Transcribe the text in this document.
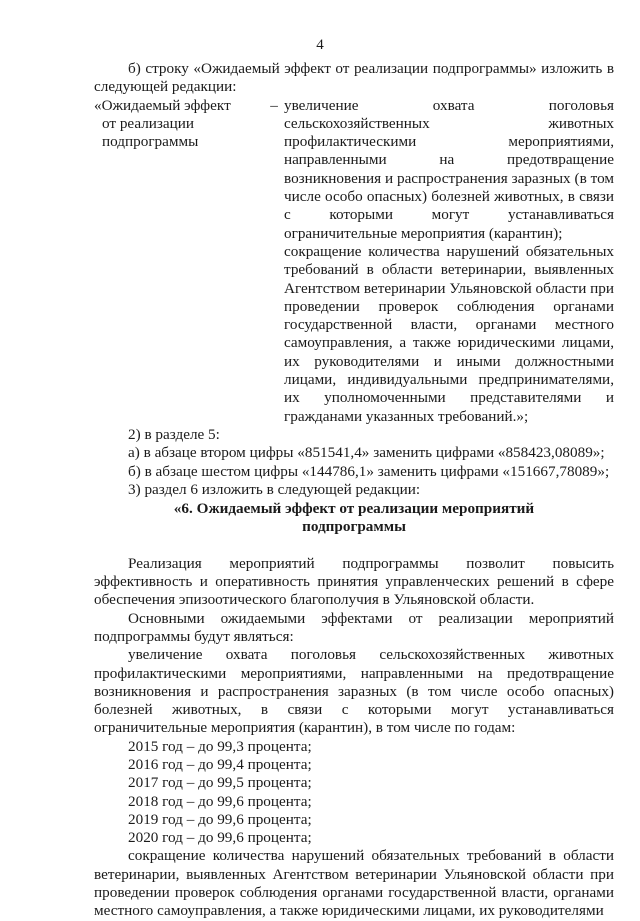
4
б) строку «Ожидаемый эффект от реализации подпрограммы» изложить в следующей редакции:
«Ожидаемый эффект
от реализации
подпрограммы
– увеличение охвата поголовья сельскохозяйственных животных профилактическими мероприятиями, направленными на предотвращение возникновения и распространения заразных (в том числе особо опасных) болезней животных, в связи с которыми могут устанавливаться ограничительные мероприятия (карантин);
сокращение количества нарушений обязательных требований в области ветеринарии, выявленных Агентством ветеринарии Ульяновской области при проведении проверок соблюдения органами государственной власти, органами местного самоуправления, а также юридическими лицами, их руководителями и иными должностными лицами, индивидуальными предпринимателями, их уполномоченными представителями и гражданами указанных требований.»;
2) в разделе 5:
а) в абзаце втором цифры «851541,4» заменить цифрами «858423,08089»;
б) в абзаце шестом цифры «144786,1» заменить цифрами «151667,78089»;
3) раздел 6 изложить в следующей редакции:
«6. Ожидаемый эффект от реализации мероприятий
подпрограммы
Реализация мероприятий подпрограммы позволит повысить эффективность и оперативность принятия управленческих решений в сфере обеспечения эпизоотического благополучия в Ульяновской области.
Основными ожидаемыми эффектами от реализации мероприятий подпрограммы будут являться:
увеличение охвата поголовья сельскохозяйственных животных профилактическими мероприятиями, направленными на предотвращение возникновения и распространения заразных (в том числе особо опасных) болезней животных, в связи с которыми могут устанавливаться ограничительные мероприятия (карантин), в том числе по годам:
2015 год – до 99,3 процента;
2016 год – до 99,4 процента;
2017 год – до 99,5 процента;
2018 год – до 99,6 процента;
2019 год – до 99,6 процента;
2020 год – до 99,6 процента;
сокращение количества нарушений обязательных требований в области ветеринарии, выявленных Агентством ветеринарии Ульяновской области при проведении проверок соблюдения органами государственной власти, органами местного самоуправления, а также юридическими лицами, их руководителями
